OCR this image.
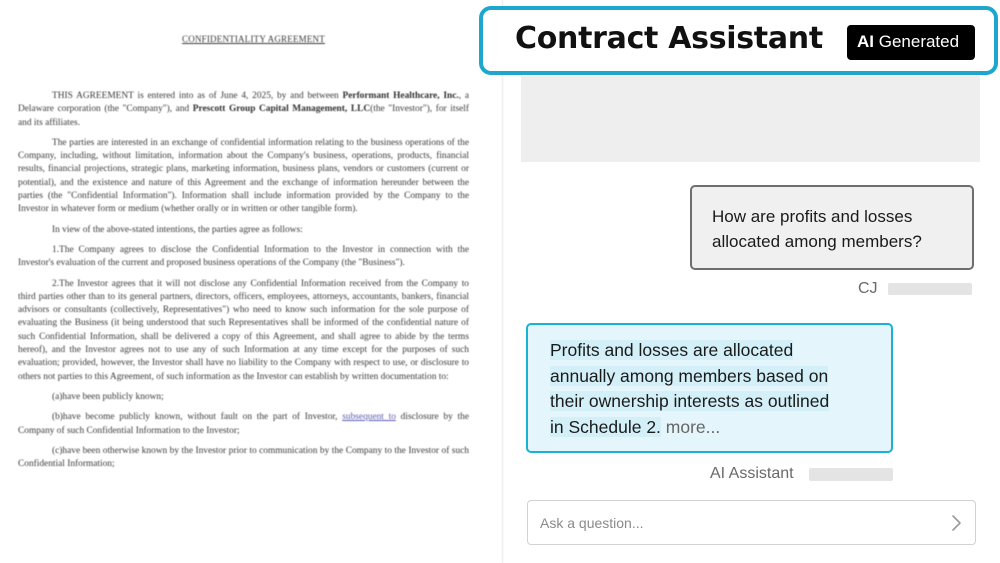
CONFIDENTIALITY AGREEMENT

THIS AGREEMENT is entered into as of June 4, 2025, by and between Performant Healthcare, Inc., a Delaware corporation (the "Company"), and Prescott Group Capital Management, LLC(the "Investor"), for itself and its affiliates.

The parties are interested in an exchange of confidential information relating to the business operations of the Company, including, without limitation, information about the Company's business, operations, products, financial results, financial projections, strategic plans, marketing information, business plans, vendors or customers (current or potential), and the existence and nature of this Agreement and the exchange of information hereunder between the parties (the "Confidential Information"). Information shall include information provided by the Company to the Investor in whatever form or medium (whether orally or in written or other tangible form).

In view of the above-stated intentions, the parties agree as follows:

1.The Company agrees to disclose the Confidential Information to the Investor in connection with the Investor's evaluation of the current and proposed business operations of the Company (the "Business").

2.The Investor agrees that it will not disclose any Confidential Information received from the Company to third parties other than to its general partners, directors, officers, employees, attorneys, accountants, bankers, financial advisors or consultants (collectively, Representatives") who need to know such information for the sole purpose of evaluating the Business (it being understood that such Representatives shall be informed of the confidential nature of such Confidential Information, shall be delivered a copy of this Agreement, and shall agree to abide by the terms hereof), and the Investor agrees not to use any of such Information at any time except for the purposes of such evaluation; provided, however, the Investor shall have no liability to the Company with respect to use, or disclosure to others not parties to this Agreement, of such information as the Investor can establish by written documentation to:

(a)have been publicly known;

(b)have become publicly known, without fault on the part of Investor, subsequent to disclosure by the Company of such Confidential Information to the Investor;

(c)have been otherwise known by the Investor prior to communication by the Company to the Investor of such Confidential Information;

How are profits and losses allocated among members?
CJ
Profits and losses are allocated
annually among members based on
their ownership interests as outlined
in Schedule 2. more...
AI Assistant
Ask a question...
Contract Assistant	AI Generated
